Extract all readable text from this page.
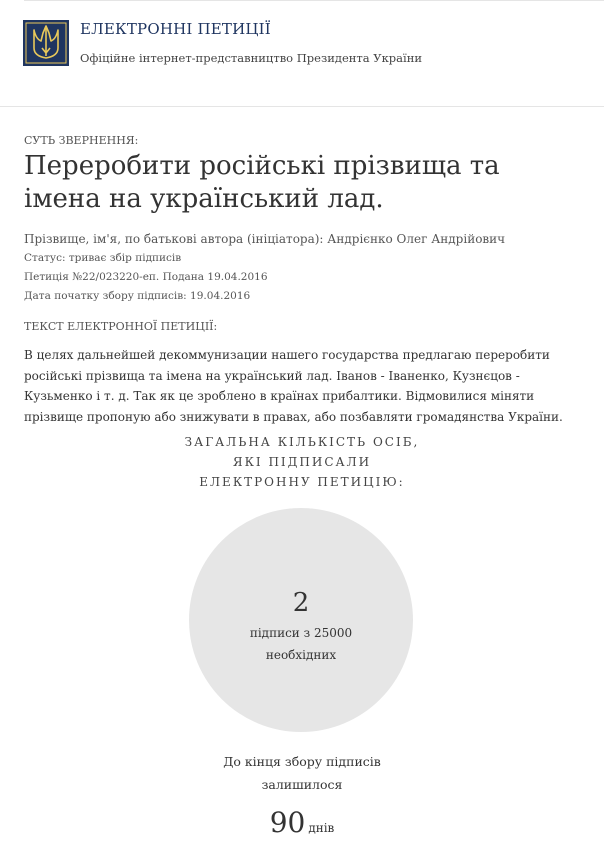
ЕЛЕКТРОННІ ПЕТИЦІЇ
Офіційне інтернет-представництво Президента України
СУТЬ ЗВЕРНЕННЯ:
Переробити російські прізвища та імена на український лад.
Прізвище, ім'я, по батькові автора (ініціатора): Андрієнко Олег Андрійович
Статус: триває збір підписів
Петиція №22/023220-еп. Подана 19.04.2016
Дата початку збору підписів: 19.04.2016
ТЕКСТ ЕЛЕКТРОННОЇ ПЕТИЦІЇ:

В целях дальнейшей декоммунизации нашего государства предлагаю переробити російські прізвища та імена на український лад. Іванов - Іваненко, Кузнєцов - Кузьменко і т. д. Так як це зроблено в країнах прибалтики. Відмовилися міняти прізвище пропоную або знижувати в правах, або позбавляти громадянства України.

ЗАГАЛЬНА КІЛЬКІСТЬ ОСІБ,
ЯКІ ПІДПИСАЛИ
ЕЛЕКТРОННУ ПЕТИЦІЮ:
2
підписи з 25000
необхідних
До кінця збору підписів
залишилося
90 днів
